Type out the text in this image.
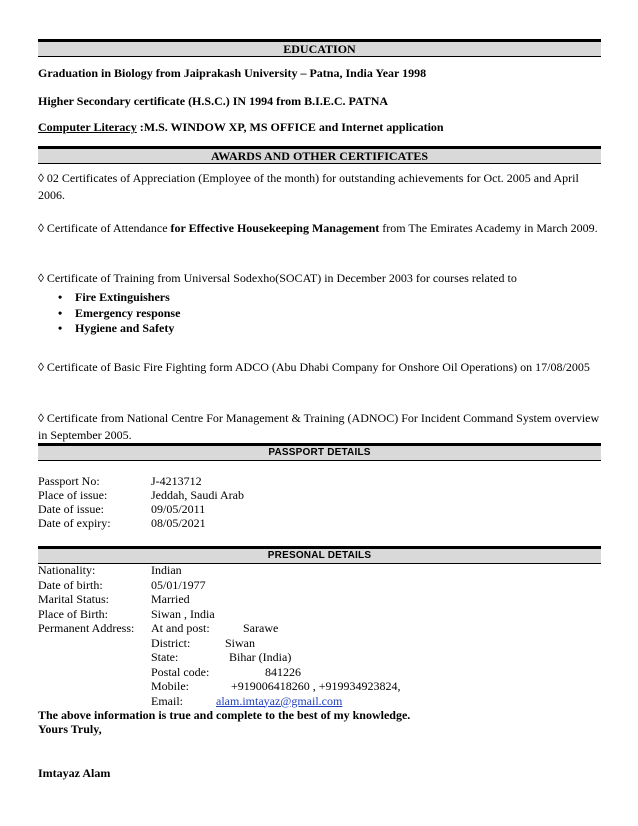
EDUCATION
Graduation in Biology from Jaiprakash University – Patna, India Year 1998
Higher Secondary certificate (H.S.C.) IN 1994 from B.I.E.C. PATNA
Computer Literacy :M.S. WINDOW XP, MS OFFICE and Internet application
AWARDS AND OTHER CERTIFICATES
◊ 02 Certificates of Appreciation (Employee of the month) for outstanding achievements for Oct. 2005 and April 2006.
◊ Certificate of Attendance for Effective Housekeeping Management from The Emirates Academy in March 2009.
◊ Certificate of Training from Universal Sodexho(SOCAT) in December 2003 for courses related to
• Fire Extinguishers
• Emergency response
• Hygiene and Safety
◊ Certificate of Basic Fire Fighting form ADCO (Abu Dhabi Company for Onshore Oil Operations) on 17/08/2005
◊ Certificate from National Centre For Management & Training (ADNOC) For Incident Command System overview in September 2005.
PASSPORT DETAILS
Passport No:	J-4213712
Place of issue:	Jeddah, Saudi Arab
Date of issue:	09/05/2011
Date of expiry:	08/05/2021
PRESONAL DETAILS
Nationality:	Indian
Date of birth:	05/01/1977
Marital Status:	Married
Place of Birth:	Siwan , India
Permanent Address: At and post:	Sarawe
District:	Siwan
State:	Bihar (India)
Postal code:	841226
Mobile:	+919006418260 , +919934923824,
Email:	alam.imtayaz@gmail.com
The above information is true and complete to the best of my knowledge.
Yours Truly,
Imtayaz Alam
